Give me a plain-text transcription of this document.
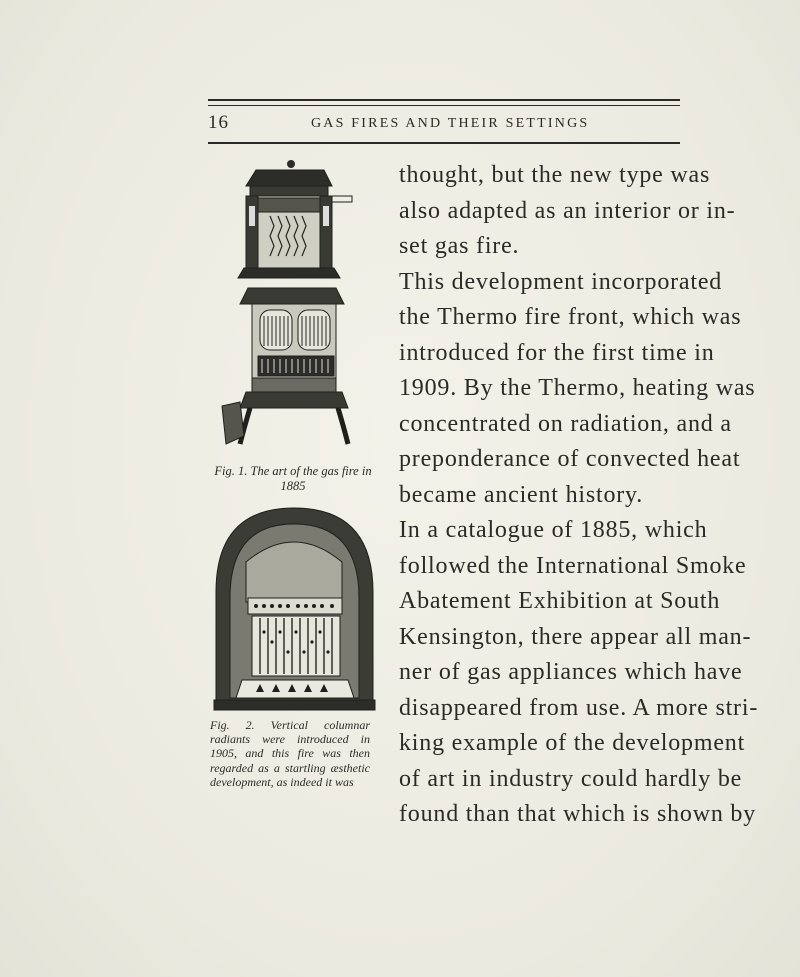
16	GAS FIRES AND THEIR SETTINGS
Fig. 1. The art of the gas fire in 1885
Fig. 2. Vertical columnar radiants were introduced in 1905, and this fire was then regarded as a startling æsthetic development, as indeed it was
thought, but the new type was
also adapted as an interior or in-
set gas fire.
This development incorporated
the Thermo fire front, which was
introduced for the first time in
1909. By the Thermo, heating was
concentrated on radiation, and a
preponderance of convected heat
became ancient history.
In a catalogue of 1885, which
followed the International Smoke
Abatement Exhibition at South
Kensington, there appear all man-
ner of gas appliances which have
disappeared from use. A more stri-
king example of the development
of art in industry could hardly be
found than that which is shown by
